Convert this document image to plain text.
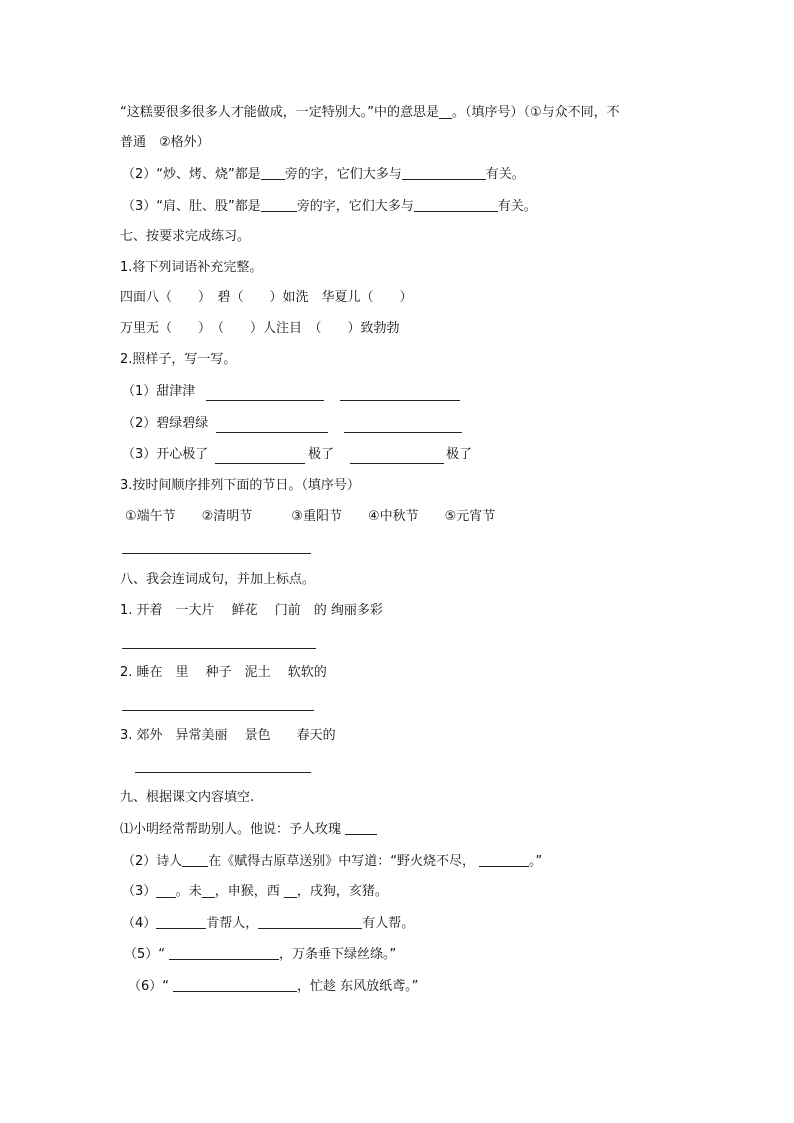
“这糕要很多很多人才能做成，一定特别大。”中的意思是__。（填序号）（①与众不同，不
普通　②格外）
（2）“炒、烤、烧”都是 旁的字，它们大多与	有关。
（3）“肩、肚、股”都是	旁的字，它们大多与	有关。
七、按要求完成练习。
1.将下列词语补充完整。
四面八（　　）　碧（　　）如洗　华夏儿（　　）
万里无（　　）　（　　）人注目　（　　）致勃勃
2.照样子，写一写。
（1）甜津津
（2）碧绿碧绿
（3）开心极了	极了	极了
3.按时间顺序排列下面的节日。（填序号）
①端午节　　②清明节　　　③重阳节　　④中秋节　　⑤元宵节
八、我会连词成句，并加上标点。
1. 开着　一大片　 鲜花　 门前　的 绚丽多彩
2. 睡在　里　 种子　泥土　 软软的
3. 郊外　异常美丽　 景色　　春天的
九、根据课文内容填空.
⑴小明经常帮助别人。他说：予人玫瑰
（2）诗人 在《赋得古原草送别》中写道：“野火烧不尽，	。”
（3）___。未__，申猴，西 __，戌狗，亥猪。
（4）	肯帮人，	有人帮。
（5）“	，万条垂下绿丝绦。”
（6）“	，忙趁 东风放纸鸢。”
